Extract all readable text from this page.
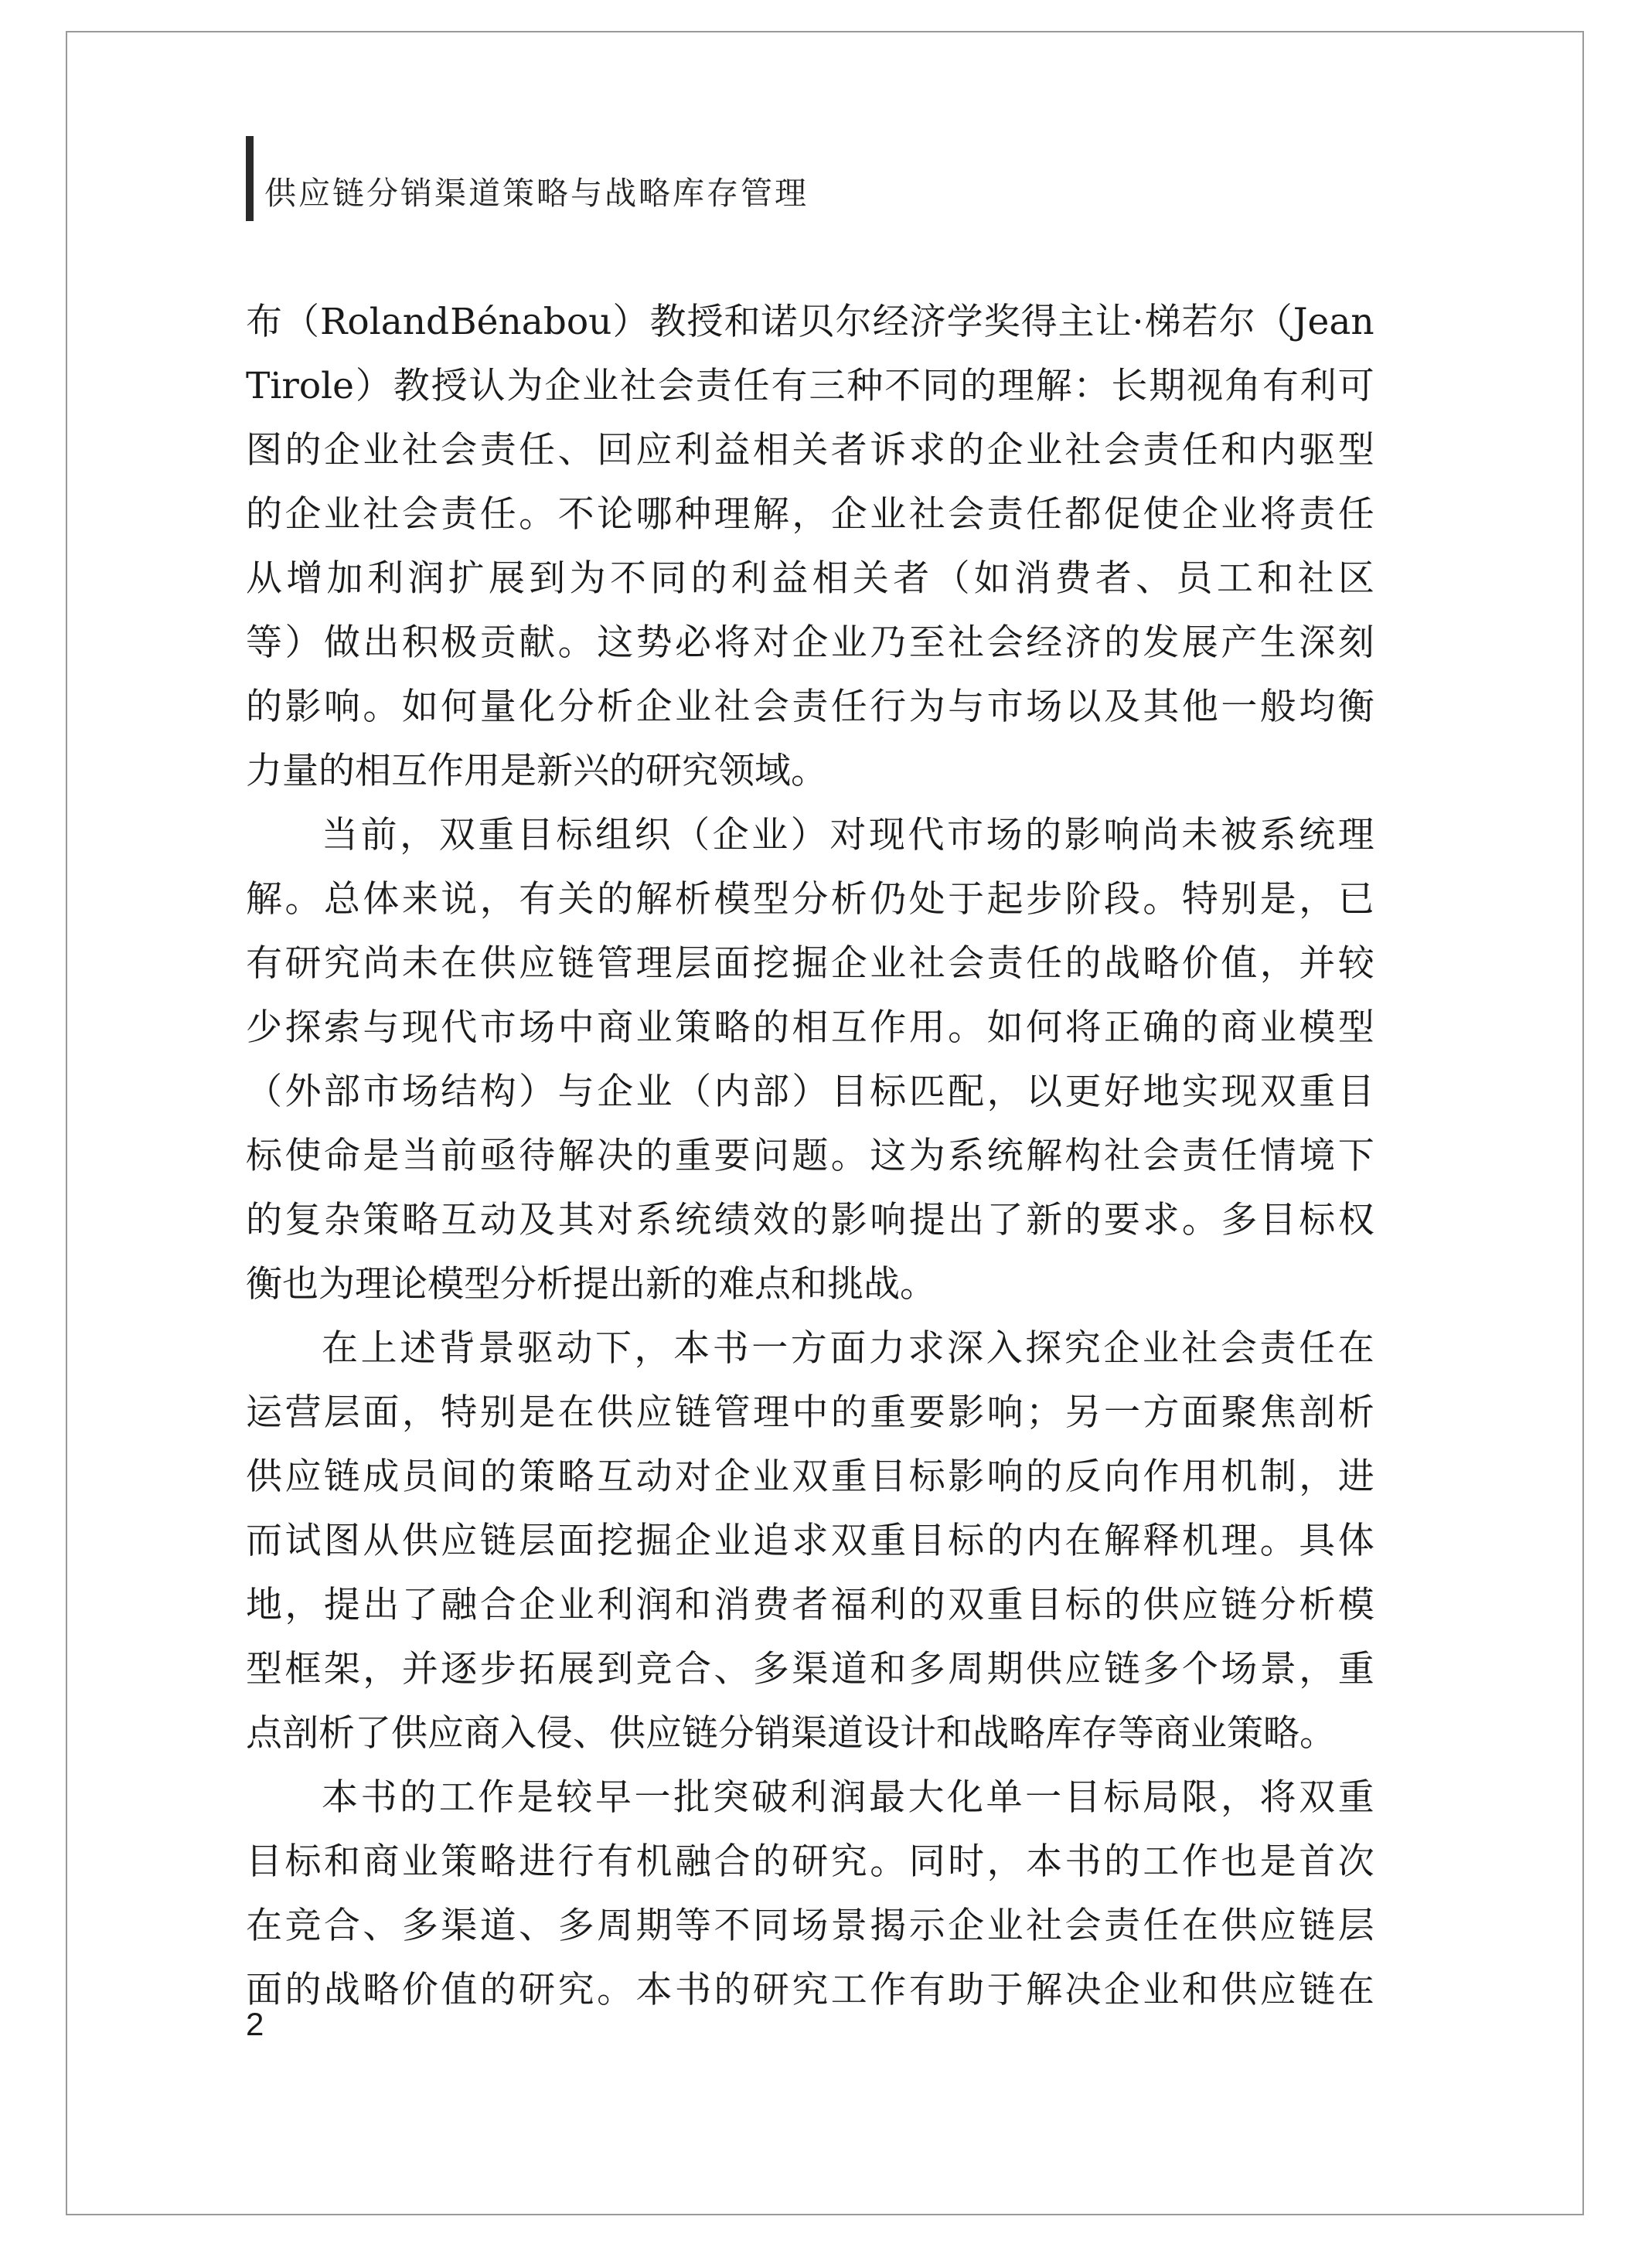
供应链分销渠道策略与战略库存管理
布 （ Roland Bénabou ） 教 授 和 诺 贝 尔 经 济 学 奖 得 主 让 · 梯 若 尔 （ Jean
Tirole ） 教 授 认 为 企 业 社 会 责 任 有 三 种 不 同 的 理 解 ： 长 期 视 角 有 利 可
图 的 企 业 社 会 责 任 、 回 应 利 益 相 关 者 诉 求 的 企 业 社 会 责 任 和 内 驱 型
的 企 业 社 会 责 任 。 不 论 哪 种 理 解 ， 企 业 社 会 责 任 都 促 使 企 业 将 责 任
从 增 加 利 润 扩 展 到 为 不 同 的 利 益 相 关 者 （ 如 消 费 者 、 员 工 和 社 区
等 ） 做 出 积 极 贡 献 。 这 势 必 将 对 企 业 乃 至 社 会 经 济 的 发 展 产 生 深 刻
的 影 响 。 如 何 量 化 分 析 企 业 社 会 责 任 行 为 与 市 场 以 及 其 他 一 般 均 衡
力量的相互作用是新兴的研究领域。
当 前 ， 双 重 目 标 组 织 （ 企 业 ） 对 现 代 市 场 的 影 响 尚 未 被 系 统 理
解 。 总 体 来 说 ， 有 关 的 解 析 模 型 分 析 仍 处 于 起 步 阶 段 。 特 别 是 ， 已
有 研 究 尚 未 在 供 应 链 管 理 层 面 挖 掘 企 业 社 会 责 任 的 战 略 价 值 ， 并 较
少 探 索 与 现 代 市 场 中 商 业 策 略 的 相 互 作 用 。 如 何 将 正 确 的 商 业 模 型
（ 外 部 市 场 结 构 ） 与 企 业 （ 内 部 ） 目 标 匹 配 ， 以 更 好 地 实 现 双 重 目
标 使 命 是 当 前 亟 待 解 决 的 重 要 问 题 。 这 为 系 统 解 构 社 会 责 任 情 境 下
的 复 杂 策 略 互 动 及 其 对 系 统 绩 效 的 影 响 提 出 了 新 的 要 求 。 多 目 标 权
衡也为理论模型分析提出新的难点和挑战。
在 上 述 背 景 驱 动 下 ， 本 书 一 方 面 力 求 深 入 探 究 企 业 社 会 责 任 在
运 营 层 面 ， 特 别 是 在 供 应 链 管 理 中 的 重 要 影 响 ； 另 一 方 面 聚 焦 剖 析
供 应 链 成 员 间 的 策 略 互 动 对 企 业 双 重 目 标 影 响 的 反 向 作 用 机 制 ， 进
而 试 图 从 供 应 链 层 面 挖 掘 企 业 追 求 双 重 目 标 的 内 在 解 释 机 理 。 具 体
地 ， 提 出 了 融 合 企 业 利 润 和 消 费 者 福 利 的 双 重 目 标 的 供 应 链 分 析 模
型 框 架 ， 并 逐 步 拓 展 到 竞 合 、 多 渠 道 和 多 周 期 供 应 链 多 个 场 景 ， 重
点剖析了供应商入侵、供应链分销渠道设计和战略库存等商业策略。
本 书 的 工 作 是 较 早 一 批 突 破 利 润 最 大 化 单 一 目 标 局 限 ， 将 双 重
目 标 和 商 业 策 略 进 行 有 机 融 合 的 研 究 。 同 时 ， 本 书 的 工 作 也 是 首 次
在 竞 合 、 多 渠 道 、 多 周 期 等 不 同 场 景 揭 示 企 业 社 会 责 任 在 供 应 链 层
面 的 战 略 价 值 的 研 究 。 本 书 的 研 究 工 作 有 助 于 解 决 企 业 和 供 应 链 在
2
